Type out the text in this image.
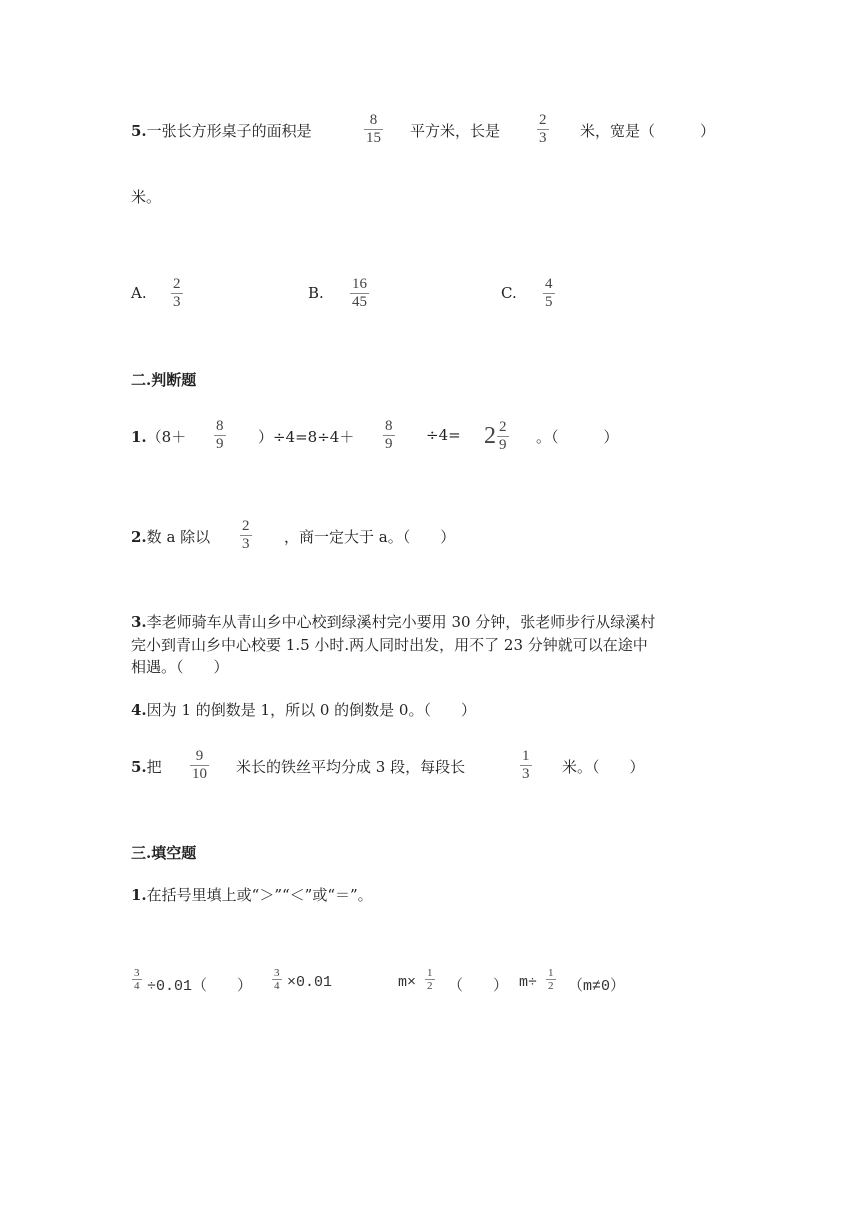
5.一张长方形桌子的面积是
8
15 平方米，长是
2
3 米，宽是（　　　）
米。
A. 2
3	B. 16
45	C. 4
5
二.判断题
1.（8＋
8
9 ）÷4=8÷4＋
8
$9 \div 4= 2 \frac{2}{9}$ 。（　　　）
2.数 a 除以
2
3 ，商一定大于 a。（　　）
3.李老师骑车从青山乡中心校到绿溪村完小要用 30 分钟，张老师步行从绿溪村
完小到青山乡中心校要 1.5 小时.两人同时出发，用不了 23 分钟就可以在途中
相遇。（　　）
4.因为 1 的倒数是 1，所以 0 的倒数是 0。（　　）
5.把
9
10 米长的铁丝平均分成 3 段，每段长
1
3 米。（　　）
三.填空题
1.在括号里填上或“＞”“＜”或“＝”。
3
4 ÷0.01（　　）
3
4 ×0.01	m×
1
2 （　　） m÷
1
2 （m≠0）
